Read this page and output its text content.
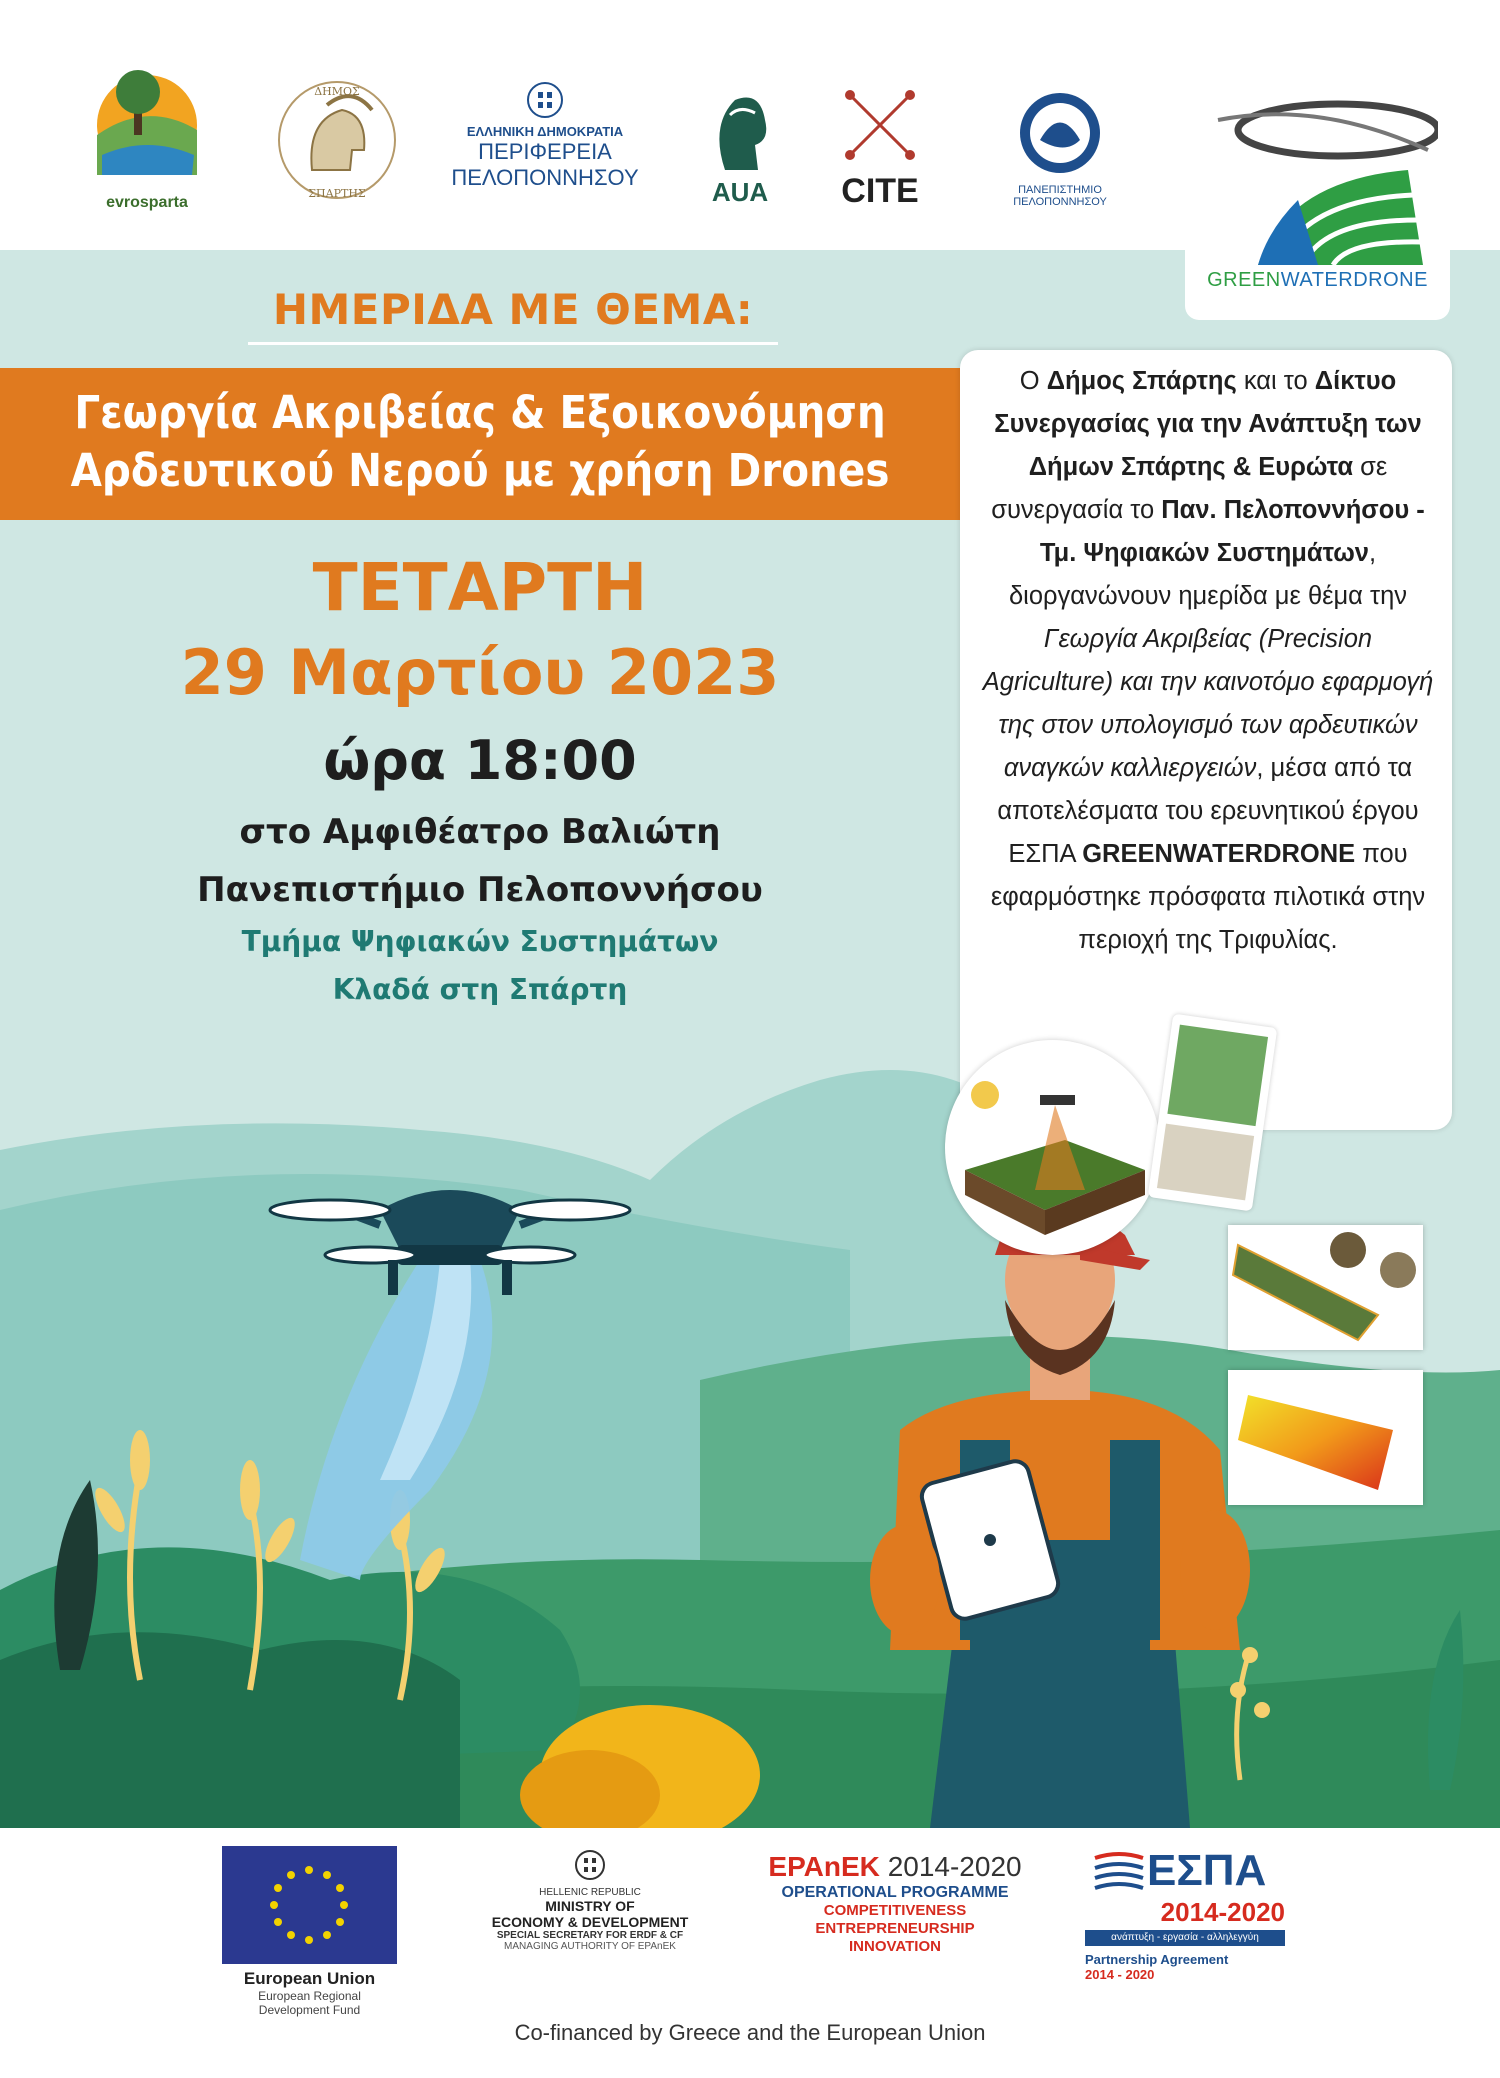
evrosparta
ΔΗΜΟΣ
ΣΠΑΡΤΗΣ
ΕΛΛΗΝΙΚΗ ΔΗΜΟΚΡΑΤΙΑ
ΠΕΡΙΦΕΡΕΙΑ
ΠΕΛΟΠΟΝΝΗΣΟΥ	AUA	CITE	ΠΑΝΕΠΙΣΤΗΜΙΟ
ΠΕΛΟΠΟΝΝΗΣΟΥ
GREENWATERDRONE
ΗΜΕΡΙΔΑ ΜΕ ΘΕΜΑ:
Γεωργία Ακριβείας & Εξοικονόμηση
Αρδευτικού Νερού με χρήση Drones
ΤΕΤΑΡΤΗ
29 Μαρτίου 2023
ώρα 18:00
στο Αμφιθέατρο Βαλιώτη
Πανεπιστήμιο Πελοποννήσου
Τμήμα Ψηφιακών Συστημάτων
Κλαδά στη Σπάρτη
Ο Δήμος Σπάρτης και το Δίκτυο Συνεργασίας για την Ανάπτυξη των Δήμων Σπάρτης & Ευρώτα σε συνεργασία το Παν. Πελοποννήσου - Τμ. Ψηφιακών Συστημάτων, διοργανώνουν ημερίδα με θέμα την Γεωργία Ακριβείας (Precision Agriculture) και την καινοτόμο εφαρμογή της στον υπολογισμό των αρδευτικών αναγκών καλλιεργειών, μέσα από τα αποτελέσματα του ερευνητικού έργου ΕΣΠΑ GREENWATERDRONE που εφαρμόστηκε πρόσφατα πιλοτικά στην περιοχή της Τριφυλίας.
European Union
European Regional
Development Fund
HELLENIC REPUBLIC
MINISTRY OF
ECONOMY & DEVELOPMENT
SPECIAL SECRETARY FOR ERDF & CF
MANAGING AUTHORITY OF EPAnEK
EPAnEK 2014-2020
OPERATIONAL PROGRAMME
COMPETITIVENESS
ENTREPRENEURSHIP
INNOVATION
ΕΣΠΑ
2014-2020
ανάπτυξη - εργασία - αλληλεγγύη
Partnership Agreement
2014 - 2020
Co-financed by Greece and the European Union
